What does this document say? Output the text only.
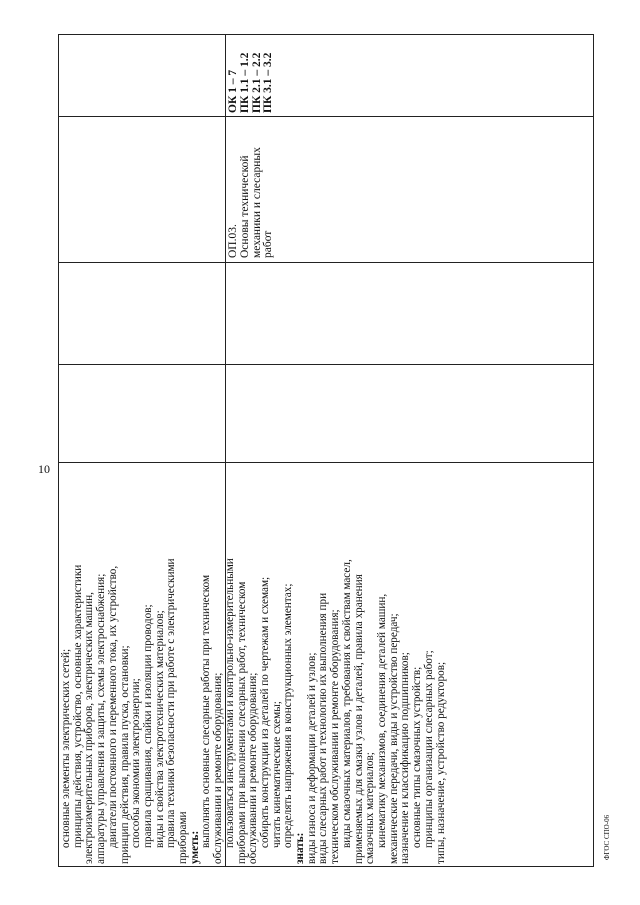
10
основные элементы электрических сетей; принципы действия, устройство, основные характеристики электроизмерительных приборов, электрических машин, аппаратуры управления и защиты, схемы электроснабжения; двигатели постоянного и переменного тока, их устройство, принцип действия, правила пуска, остановки; способы экономии электроэнергии; правила сращивания, спайки и изоляции проводов; виды и свойства электротехнических материалов; правила техники безопасности при работе с электрическими приборами уметь: выполнять основные слесарные работы при техническом обслуживании и ремонте оборудования; пользоваться инструментами и контрольно-измерительными приборами при выполнении слесарных работ, техническом обслуживании и ремонте оборудования; собирать конструкции из деталей по чертежам и схемам; читать кинематические схемы; определять напряжения в конструкционных элементах;
знать: виды износа и деформации деталей и узлов; виды слесарных работ и технологию их выполнения при техническом обслуживании и ремонте оборудования; виды смазочных материалов, требования к свойствам масел, применяемых для смазки узлов и деталей, правила хранения смазочных материалов; кинематику механизмов, соединения деталей машин, механические передачи, виды и устройство передач; назначение и классификацию подшипников; основные типы смазочных устройств; принципы организации слесарных работ; типы, назначение, устройство редукторов;
ОП.03. Основы технической механики и слесарных работ
ОК 1 – 7 ПК 1.1 – 1.2 ПК 2.1 – 2.2 ПК 3.1 – 3.2
ФГОС СПО-06
